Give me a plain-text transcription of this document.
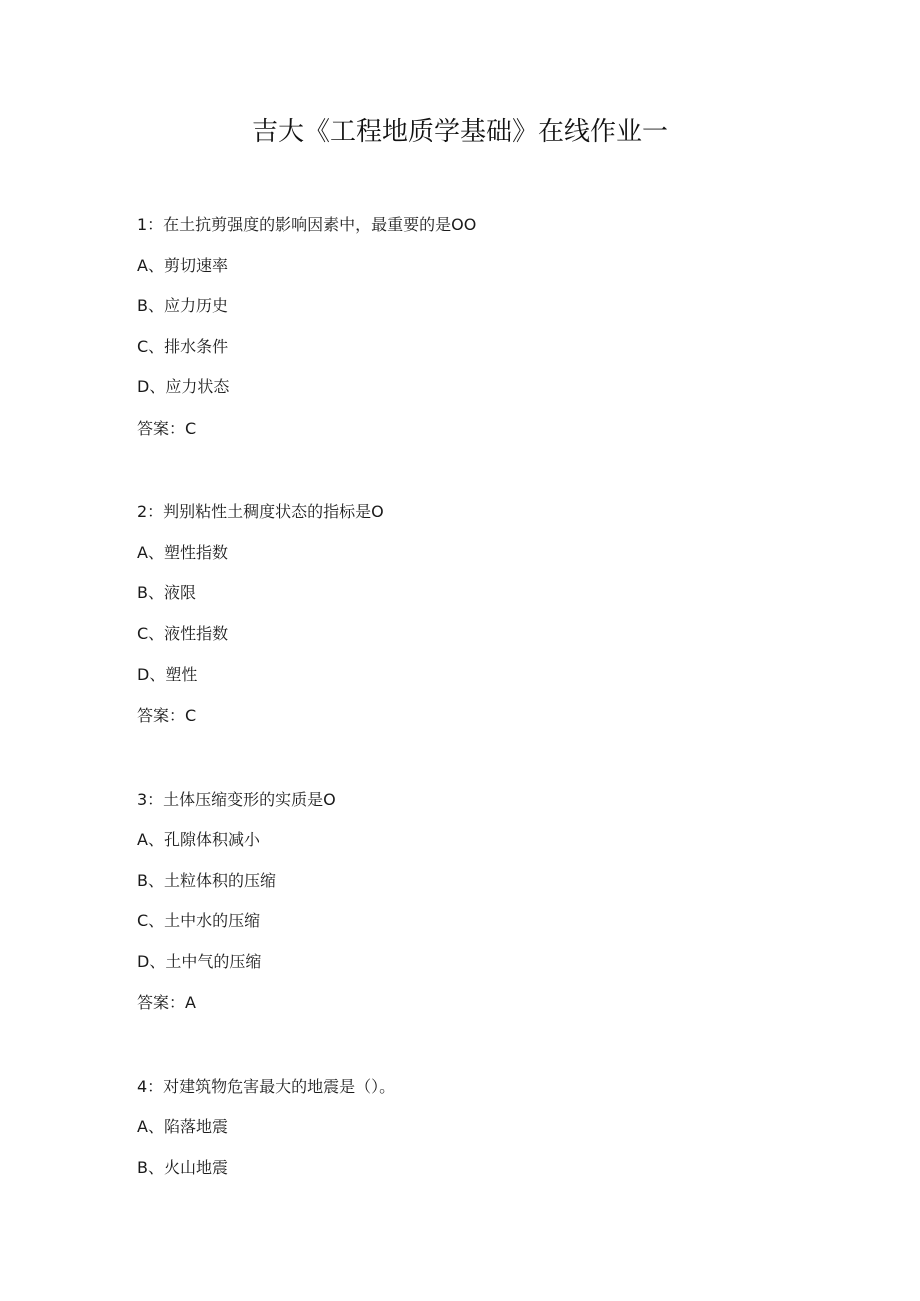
吉大《工程地质学基础》在线作业一
1：在土抗剪强度的影响因素中，最重要的是OO
A、剪切速率
B、应力历史
C、排水条件
D、应力状态
答案：C
2：判别粘性土稠度状态的指标是O
A、塑性指数
B、液限
C、液性指数
D、塑性
答案：C
3：土体压缩变形的实质是O
A、孔隙体积减小
B、土粒体积的压缩
C、土中水的压缩
D、土中气的压缩
答案：A
4：对建筑物危害最大的地震是（）。
A、陷落地震
B、火山地震
